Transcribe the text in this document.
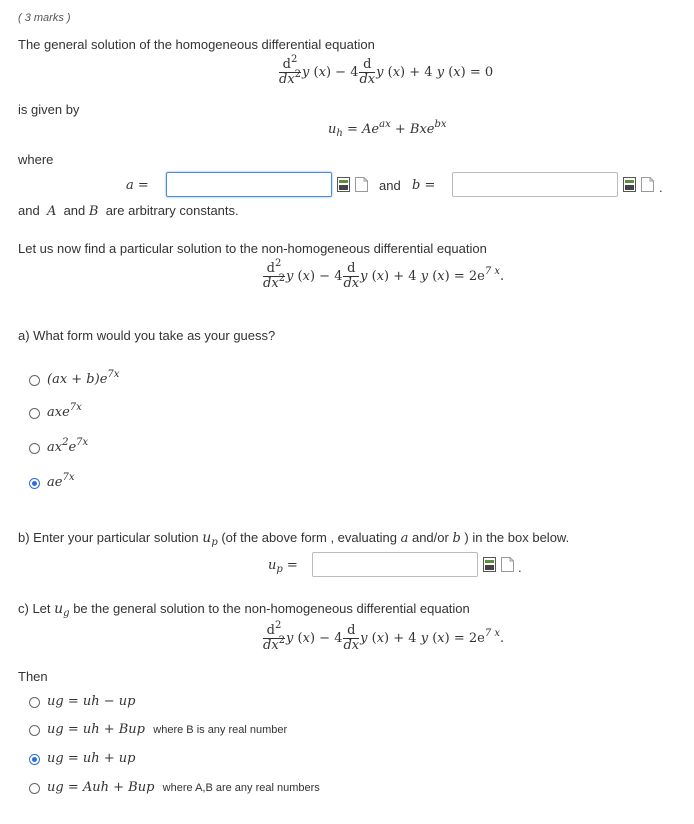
( 3 marks )
The general solution of the homogeneous differential equation
$\frac{d^2}{dx^2}$ y $(x) - 4 \frac{d}{dx}$ y (x) + 4 y (x) = 0
is given by
$u_h = Ae^{ax} + Bxe^{bx}$
where
a =	and b =	.
and A and B are arbitrary constants.
Let us now find a particular solution to the non-homogeneous differential equation
$\frac{d^2}{dx^2}$ y $(x) - 4 \frac{d}{dx}$ y (x) + 4 y $(x) = 2e^{7 x}$.
a) What form would you take as your guess?
$(ax + b)e^{7x}$
axe$^{7x}$
$ax^2e^{7x}$
$ae^{7x}$
b) Enter your particular solution $u_p$ (of the above form , evaluating a and/or b ) in the box below.
$u_p$ =	.
c) Let $u_g$ be the general solution to the non-homogeneous differential equation
$\frac{d^2}{dx^2}$ y $(x) - 4 \frac{d}{dx}$ y (x) + 4 y $(x) = 2e^{7 x}$.
Then
ug = uh − up
ug = uh + Bup where B is any real number
ug = uh + up
ug = Auh + Bup where A,B are any real numbers
